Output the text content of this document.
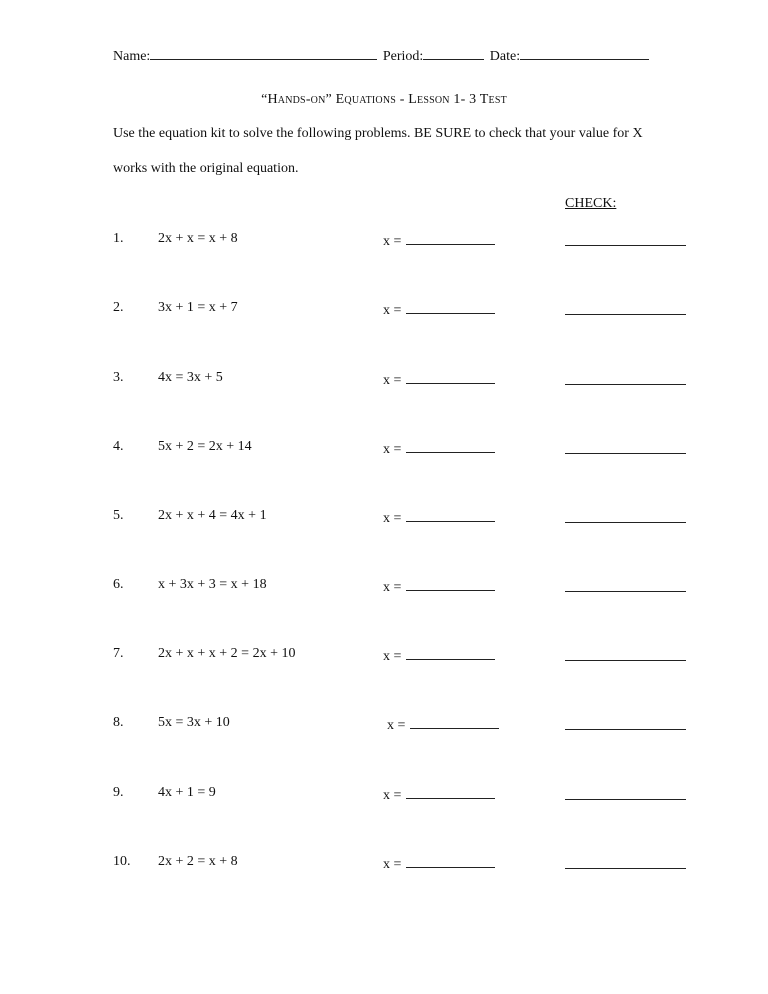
Name:	Period:	Date:
“Hands-on” Equations - Lesson 1- 3 Test
Use the equation kit to solve the following problems. BE SURE to check that your value for X
works with the original equation.
CHECK:
1. 2x + x = x + 8	x =
2. 3x + 1 = x + 7	x =
3. 4x = 3x + 5	x =
4. 5x + 2 = 2x + 14	x =
5. 2x + x + 4 = 4x + 1	x =
6. x + 3x + 3 = x + 18	x =
7. 2x + x + x + 2 = 2x + 10	x =
8. 5x = 3x + 10	x =
9. 4x + 1 = 9	x =
10. 2x + 2 = x + 8	x =
